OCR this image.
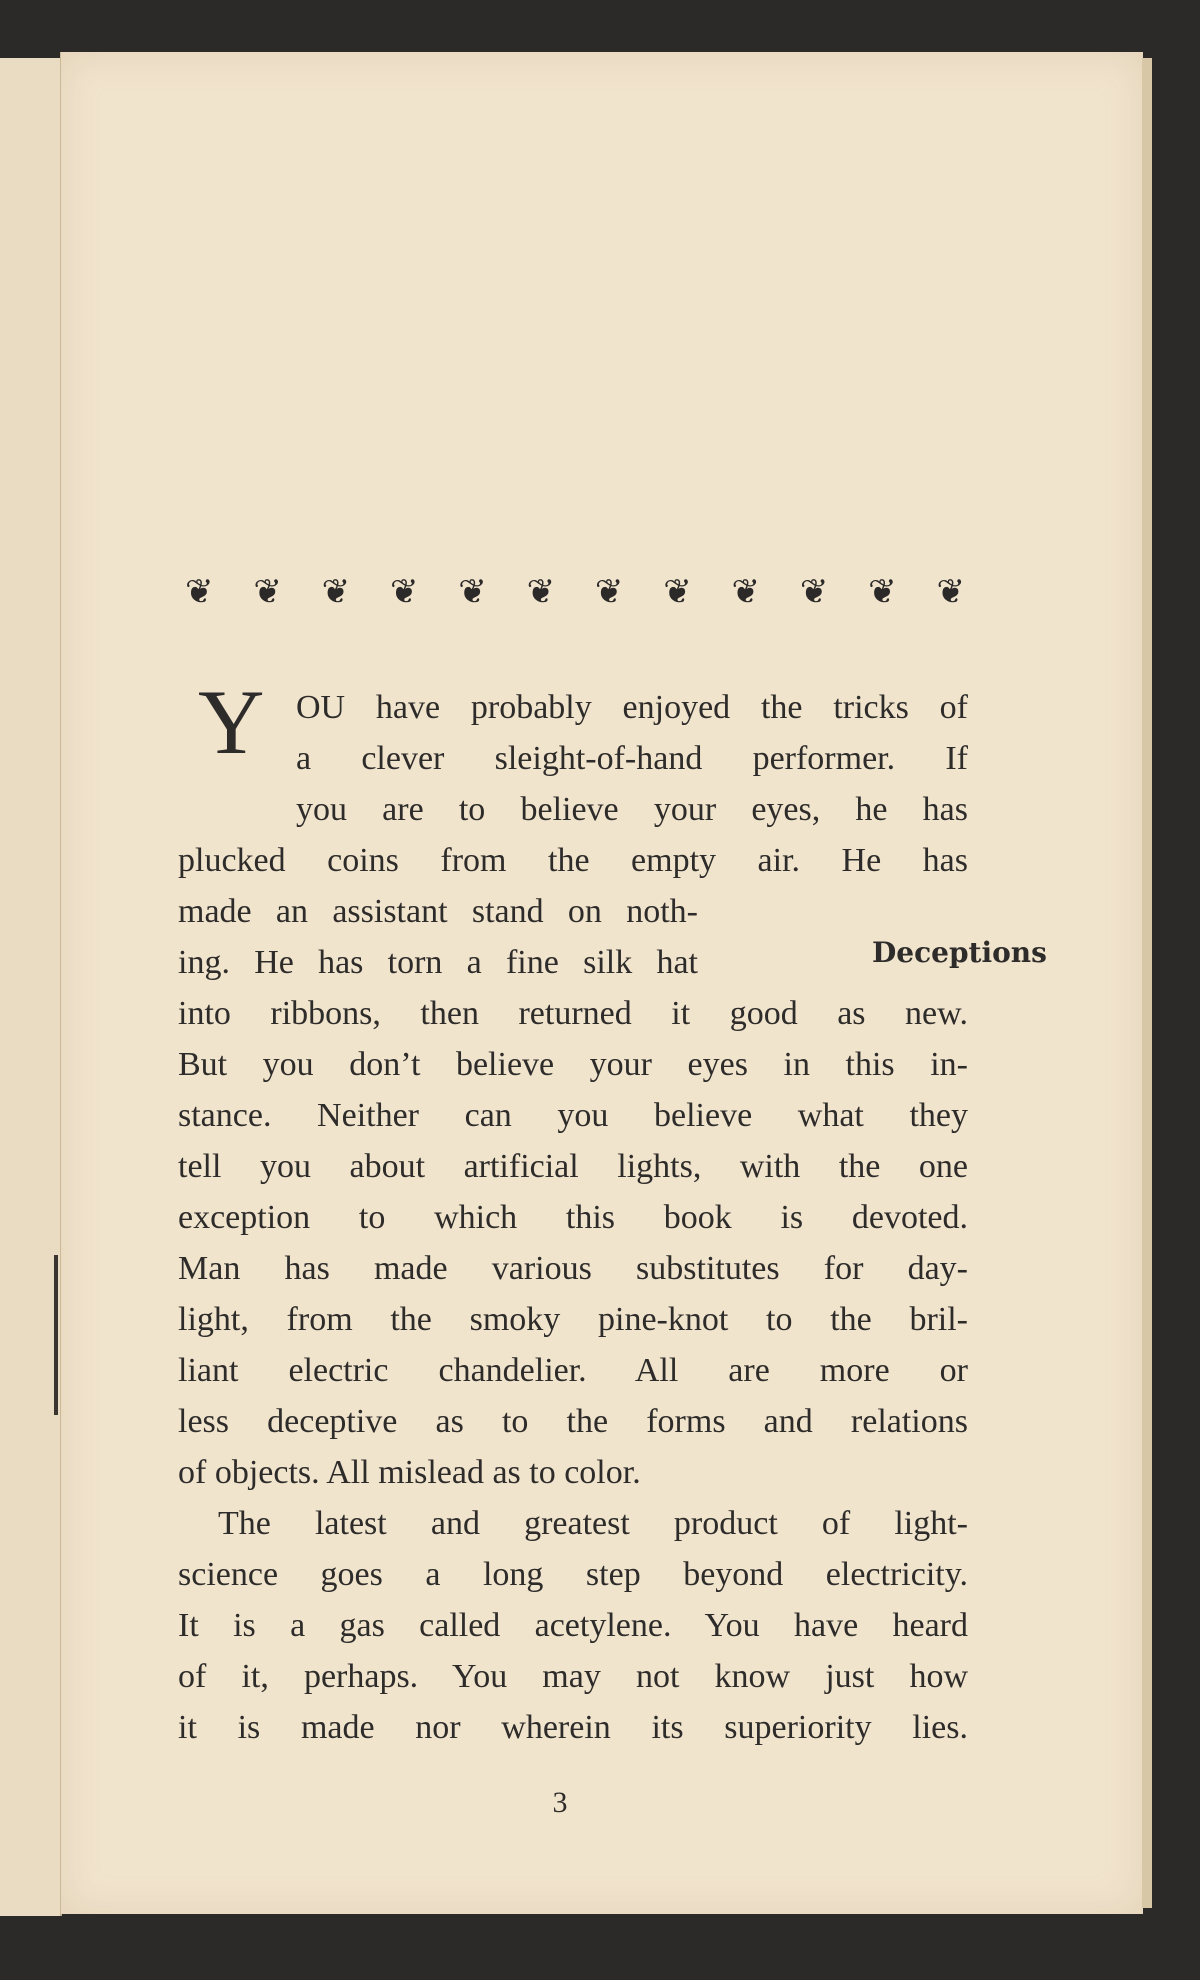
❦ ❦ ❦ ❦ ❦ ❦ ❦ ❦ ❦ ❦ ❦ ❦
Y OU have probably enjoyed the tricks of
a clever sleight-of-hand performer. If
you are to believe your eyes, he has
plucked coins from the empty air. He has
made an assistant stand on noth-
ing. He has torn a fine silk hat
into ribbons, then returned it good as new.
But you don’t believe your eyes in this in-
stance. Neither can you believe what they
tell you about artificial lights, with the one
exception to which this book is devoted.
Man has made various substitutes for day-
light, from the smoky pine-knot to the bril-
liant electric chandelier. All are more or
less deceptive as to the forms and relations
of objects. All mislead as to color.
The latest and greatest product of light-
science goes a long step beyond electricity.
It is a gas called acetylene. You have heard
of it, perhaps. You may not know just how
it is made nor wherein its superiority lies.
Deceptions
3
